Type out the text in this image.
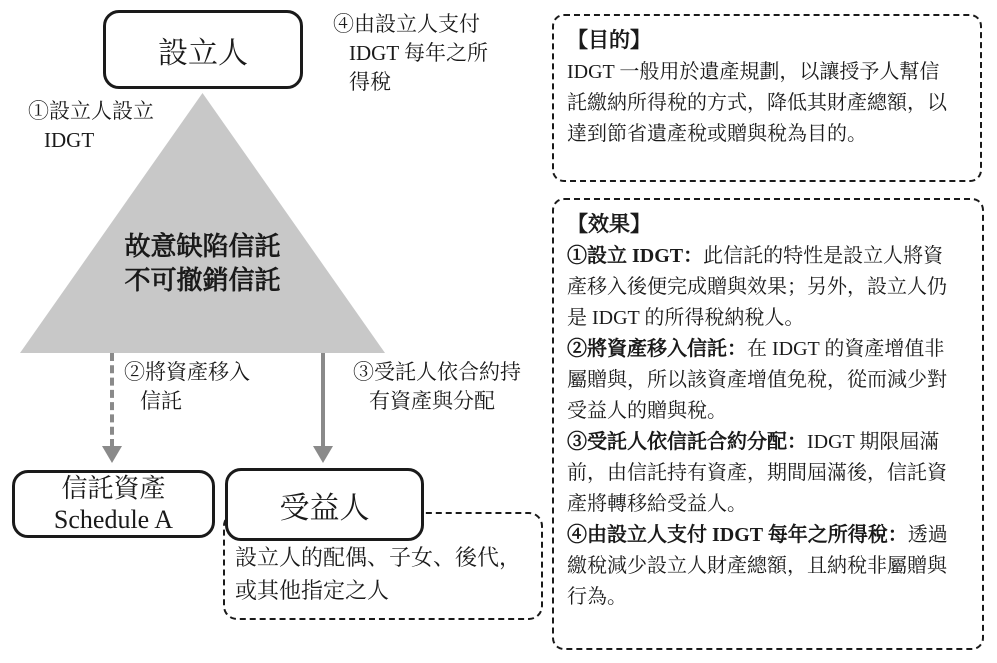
故意缺陷信託
不可撤銷信託
設立人
①設立人設立
IDGT
②將資產移入
信託
③受託人依合約持
有資產與分配
④由設立人支付
IDGT 每年之所
得稅
設立人的配偶、子女、後代，
或其他指定之人
信託資產
Schedule A	受益人
【目的】
IDGT 一般用於遺產規劃，以讓授予人幫信
託繳納所得稅的方式，降低其財產總額，以
達到節省遺產稅或贈與稅為目的。
【效果】
①設立 IDGT：此信託的特性是設立人將資
產移入後便完成贈與效果；另外，設立人仍
是 IDGT 的所得稅納稅人。
②將資產移入信託：在 IDGT 的資產增值非
屬贈與，所以該資產增值免稅，從而減少對
受益人的贈與稅。
③受託人依信託合約分配：IDGT 期限屆滿
前，由信託持有資產，期間屆滿後，信託資
產將轉移給受益人。
④由設立人支付 IDGT 每年之所得稅：透過
繳稅減少設立人財產總額，且納稅非屬贈與
行為。
